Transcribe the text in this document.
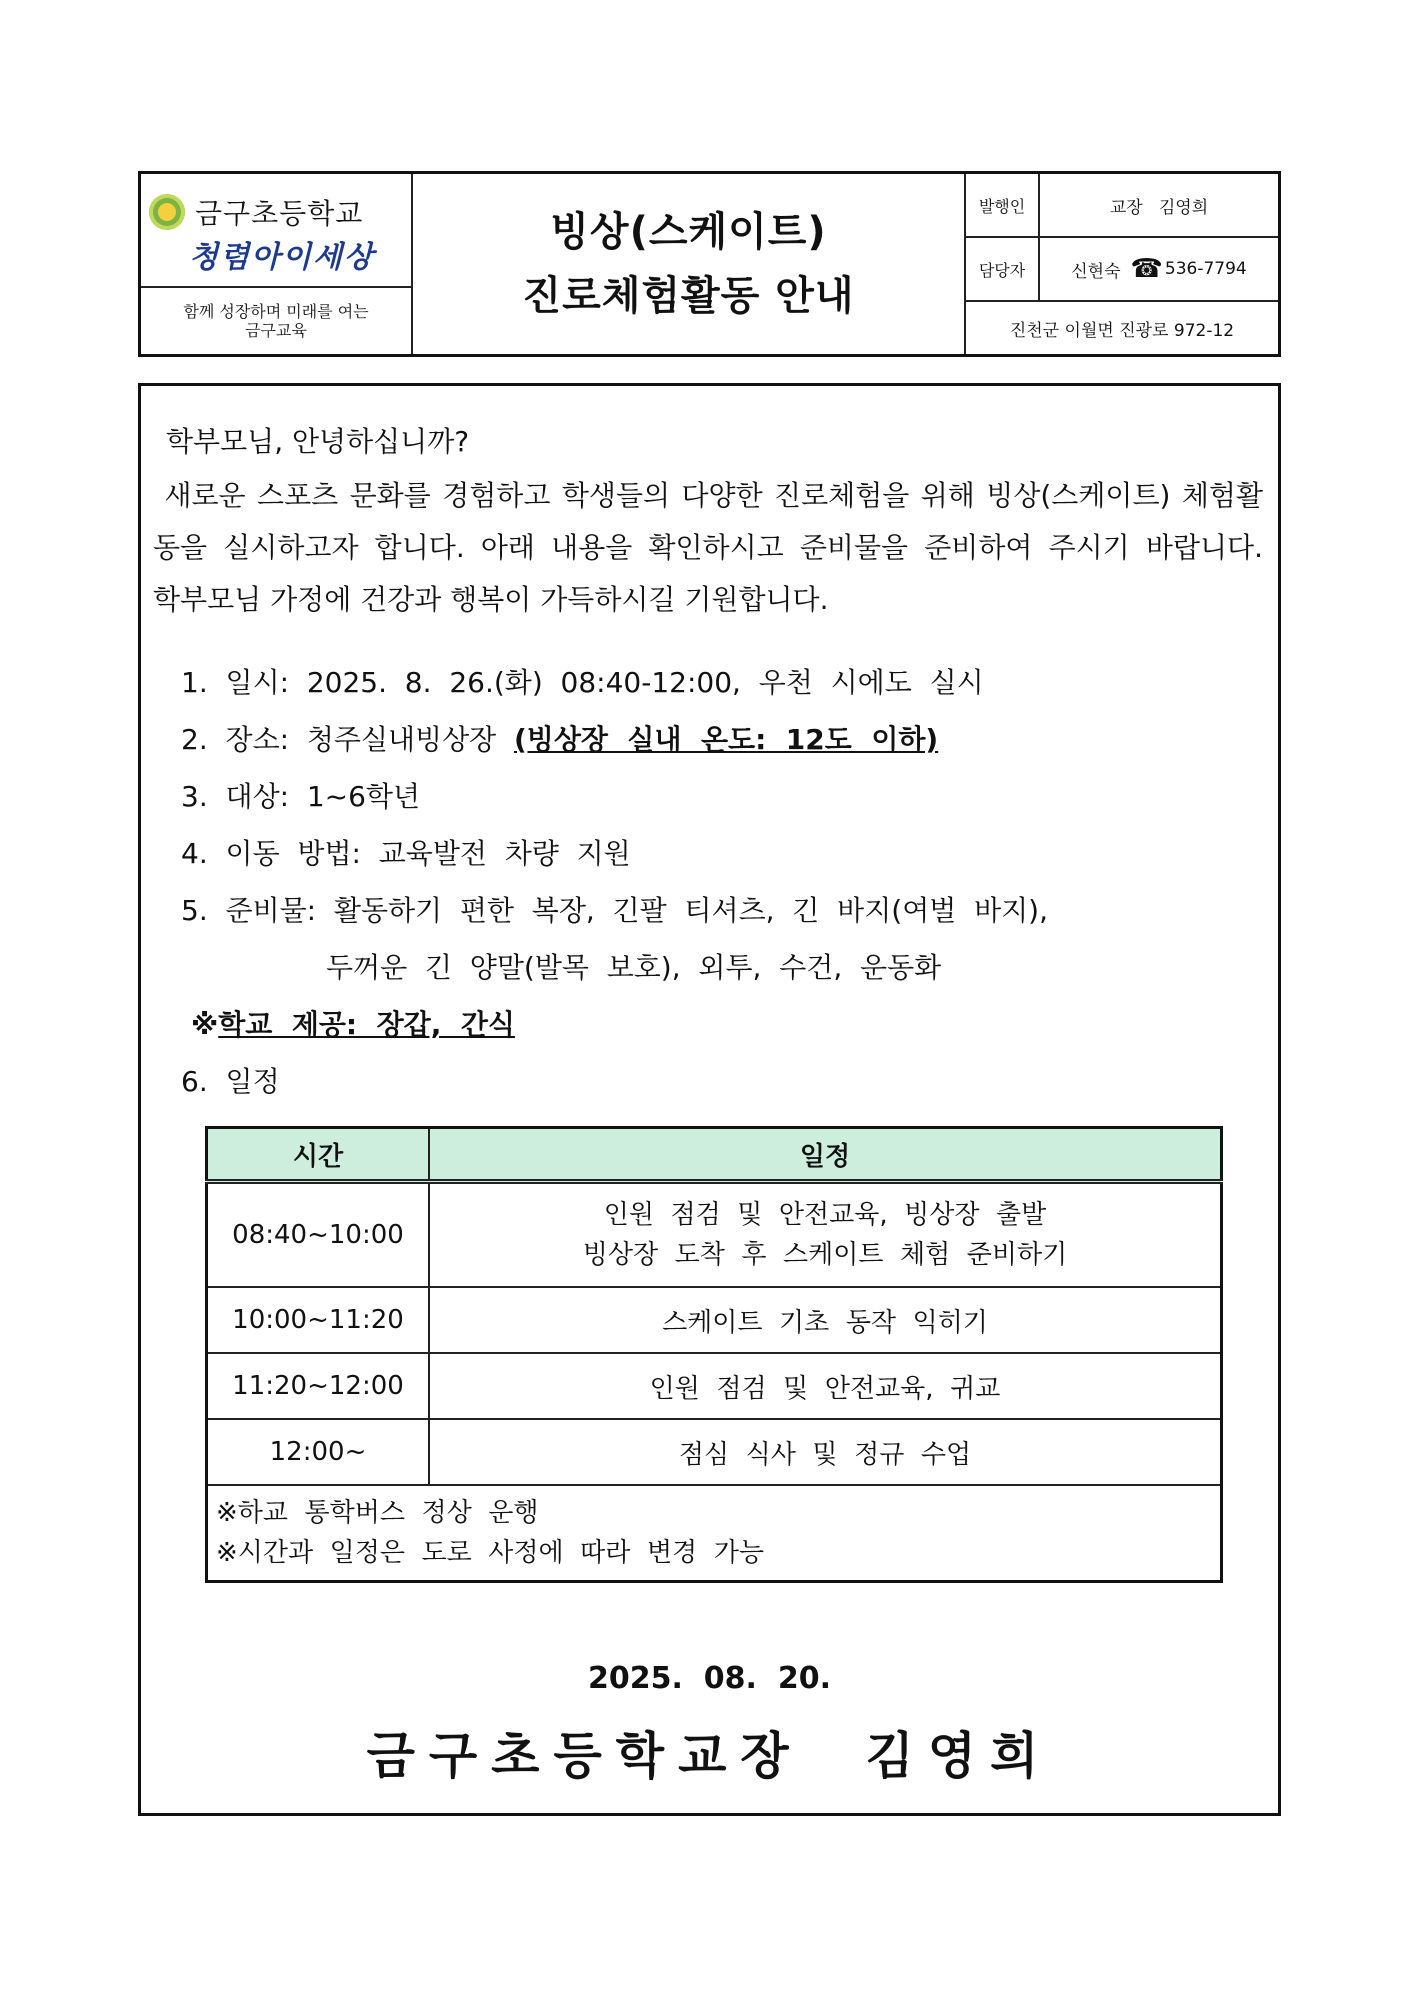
금구초등학교
청렴아이세상
함께 성장하며 미래를 여는
금구교육
빙상(스케이트)
진로체험활동 안내
발행인	교장   김영희
담당자	신현숙 ☎ 536-7794
진천군 이월면 진광로 972-12
학부모님, 안녕하십니까?
새로운 스포츠 문화를 경험하고 학생들의 다양한 진로체험을 위해 빙상(스케이트) 체험활동을 실시하고자 합니다. 아래 내용을 확인하시고 준비물을 준비하여 주시기 바랍니다.
학부모님 가정에 건강과 행복이 가득하시길 기원합니다.
1.  일시:  2025.  8.  26.(화)  08:40-12:00,  우천  시에도  실시
2.  장소:  청주실내빙상장  (빙상장  실내  온도:  12도  이하)
3.  대상:  1~6학년
4.  이동  방법:  교육발전  차량  지원
5.  준비물:  활동하기  편한  복장,  긴팔  티셔츠,  긴  바지(여벌  바지),
두꺼운  긴  양말(발목  보호),  외투,  수건,  운동화
※학교  제공:  장갑,  간식
6.  일정
시간	일정
08:40~10:00	인원  점검  및  안전교육,  빙상장  출발
빙상장  도착  후  스케이트  체험  준비하기
10:00~11:20	스케이트  기초  동작  익히기
11:20~12:00	인원  점검  및  안전교육,  귀교
12:00~	점심  식사  및  정규  수업
※하교  통학버스  정상  운행
※시간과  일정은  도로  사정에  따라  변경  가능	
2025.  08.  20.
금구초등학교장  김영희
